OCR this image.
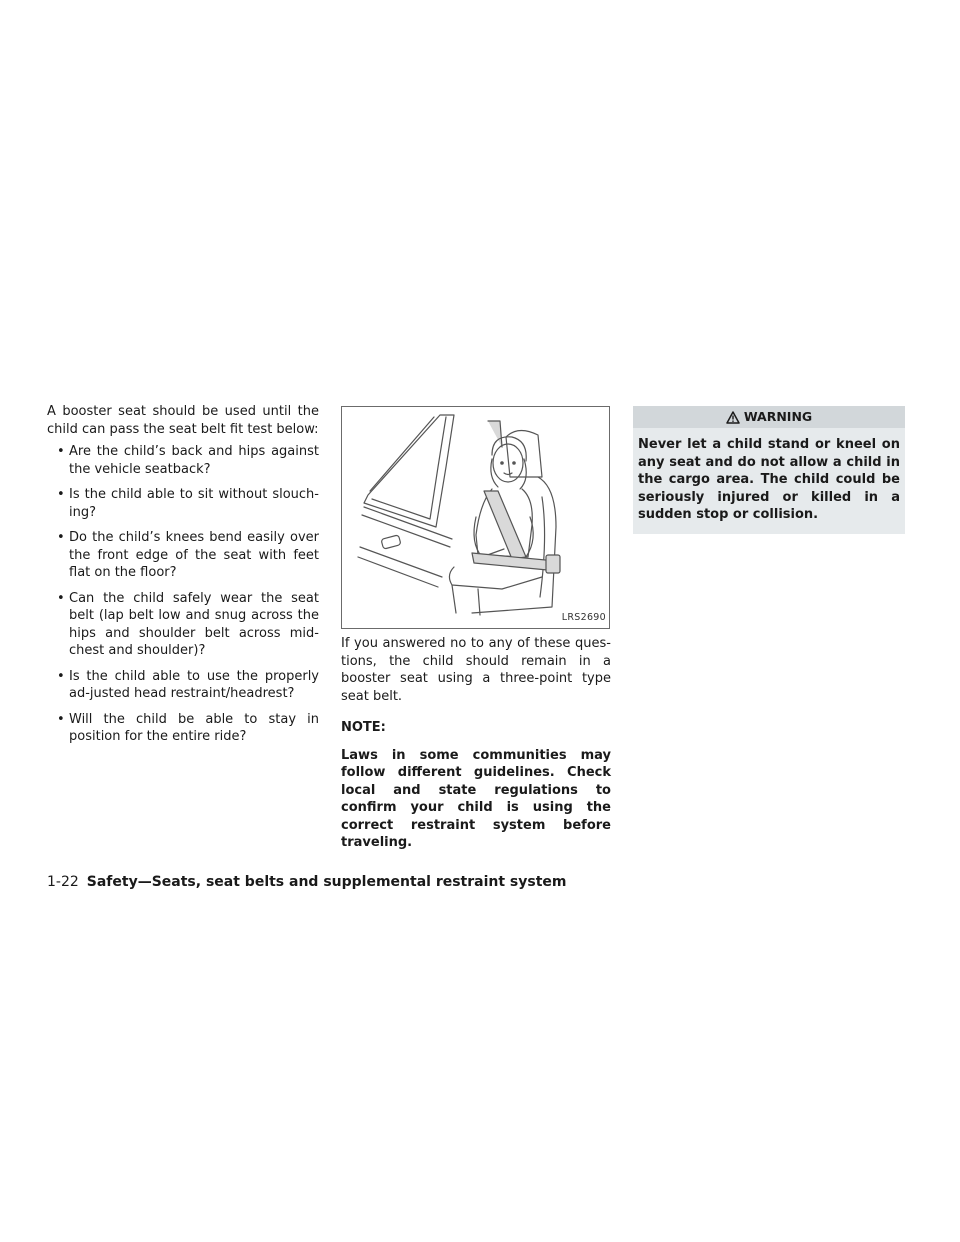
A booster seat should be used until the child can pass the seat belt fit test below:

• Are the child’s back and hips against the vehicle seatback?
• Is the child able to sit without slouch-ing?
• Do the child’s knees bend easily over the front edge of the seat with feet flat on the floor?
• Can the child safely wear the seat belt (lap belt low and snug across the hips and shoulder belt across mid-chest and shoulder)?
• Is the child able to use the properly ad-justed head restraint/headrest?
• Will the child be able to stay in position for the entire ride?
LRS2690

If you answered no to any of these ques-tions, the child should remain in a booster seat using a three-point type seat belt.

NOTE:

Laws in some communities may follow different guidelines. Check local and state regulations to confirm your child is using the correct restraint system before traveling.

WARNING
Never let a child stand or kneel on any seat and do not allow a child in the cargo area. The child could be seriously injured or killed in a sudden stop or collision.
1-22 Safety—Seats, seat belts and supplemental restraint system
